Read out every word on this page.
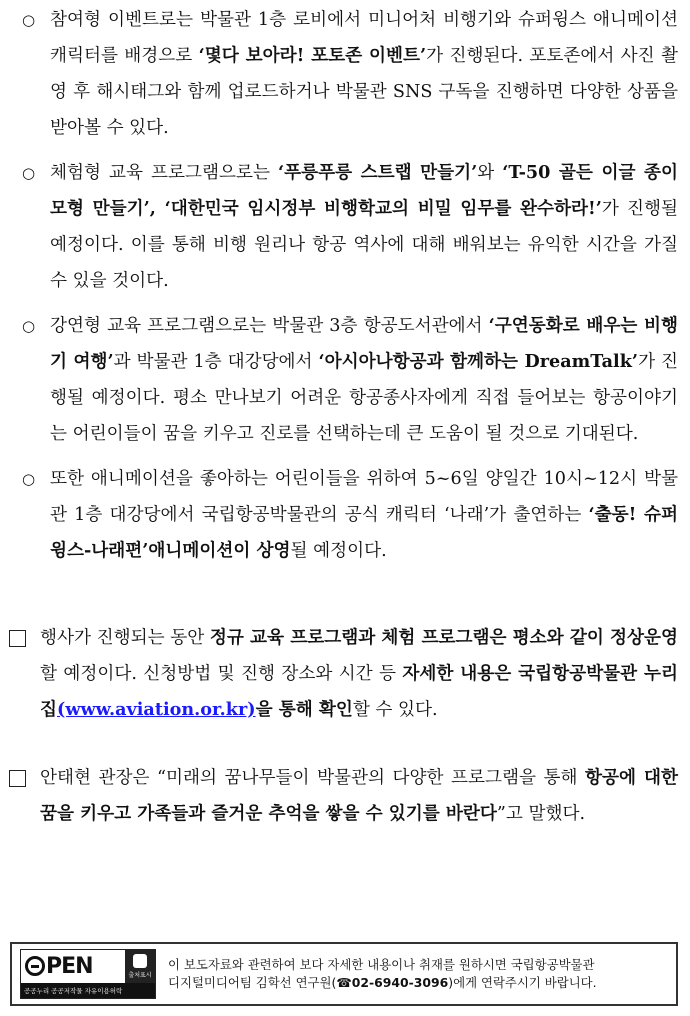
○ 참여형 이벤트로는 박물관 1층 로비에서 미니어처 비행기와 슈퍼윙스 애니메이션 캐릭터를 배경으로 ‘몇다 보아라! 포토존 이벤트’가 진행된다. 포토존에서 사진 촬영 후 해시태그와 함께 업로드하거나 박물관 SNS 구독을 진행하면 다양한 상품을 받아볼 수 있다.
○ 체험형 교육 프로그램으로는 ‘푸릉푸릉 스트랩 만들기’와 ‘T-50 골든 이글 종이 모형 만들기’, ‘대한민국 임시정부 비행학교의 비밀 임무를 완수하라!’가 진행될 예정이다. 이를 통해 비행 원리나 항공 역사에 대해 배워보는 유익한 시간을 가질 수 있을 것이다.
○ 강연형 교육 프로그램으로는 박물관 3층 항공도서관에서 ‘구연동화로 배우는 비행기 여행’과 박물관 1층 대강당에서 ‘아시아나항공과 함께하는 DreamTalk’가 진행될 예정이다. 평소 만나보기 어려운 항공종사자에게 직접 들어보는 항공이야기는 어린이들이 꿈을 키우고 진로를 선택하는데 큰 도움이 될 것으로 기대된다.
○ 또한 애니메이션을 좋아하는 어린이들을 위하여 5~6일 양일간 10시~12시 박물관 1층 대강당에서 국립항공박물관의 공식 캐릭터 ‘나래’가 출연하는 ‘출동! 슈퍼윙스-나래편’애니메이션이 상영될 예정이다.
행사가 진행되는 동안 정규 교육 프로그램과 체험 프로그램은 평소와 같이 정상운영할 예정이다. 신청방법 및 진행 장소와 시간 등 자세한 내용은 국립항공박물관 누리집(www.aviation.or.kr)을 통해 확인할 수 있다.
안태현 관장은 “미래의 꿈나무들이 박물관의 다양한 프로그램을 통해 항공에 대한 꿈을 키우고 가족들과 즐거운 추억을 쌓을 수 있기를 바란다”고 말했다.
PEN	출처표시
공공누리 공공저작물 자유이용허락
이 보도자료와 관련하여 보다 자세한 내용이나 취재를 원하시면 국립항공박물관
디지털미디어팀 김학선 연구원(☎02-6940-3096)에게 연락주시기 바랍니다.
